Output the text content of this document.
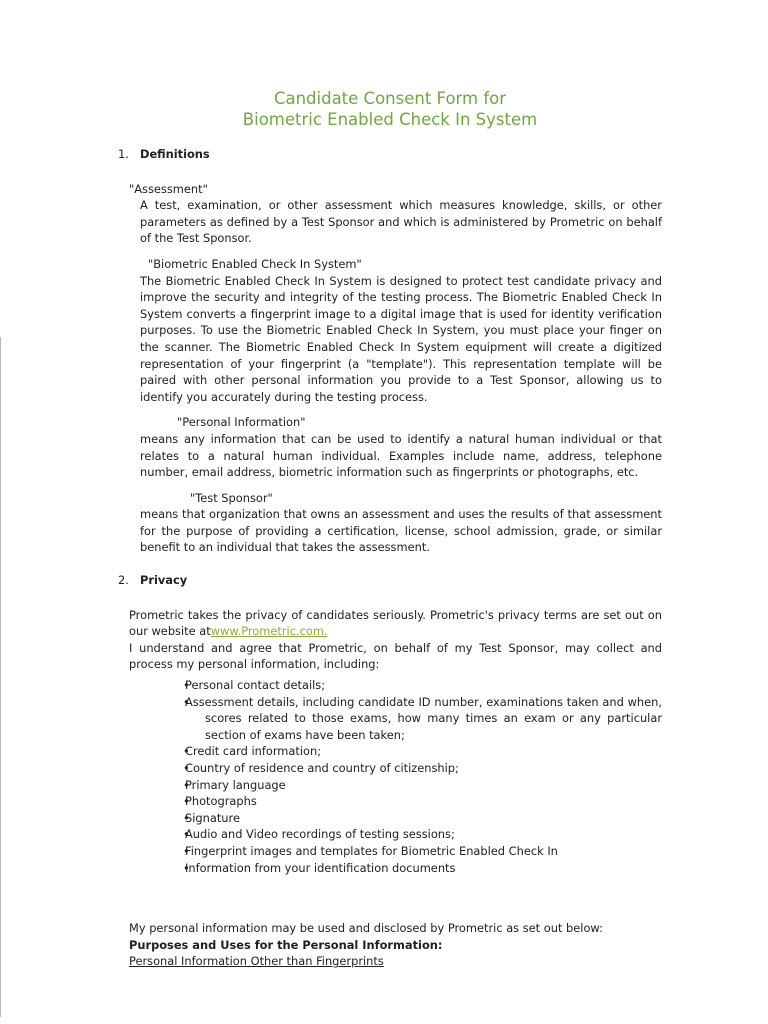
Candidate Consent Form for
Biometric Enabled Check In System
1. Definitions
"Assessment"

A test, examination, or other assessment which measures knowledge, skills, or other parameters as defined by a Test Sponsor and which is administered by Prometric on behalf of the Test Sponsor.

"Biometric Enabled Check In System"

The Biometric Enabled Check In System is designed to protect test candidate privacy and improve the security and integrity of the testing process. The Biometric Enabled Check In System converts a fingerprint image to a digital image that is used for identity verification purposes. To use the Biometric Enabled Check In System, you must place your finger on the scanner. The Biometric Enabled Check In System equipment will create a digitized representation of your fingerprint (a "template"). This representation template will be paired with other personal information you provide to a Test Sponsor, allowing us to identify you accurately during the testing process.

"Personal Information"

means any information that can be used to identify a natural human individual or that relates to a natural human individual. Examples include name, address, telephone number, email address, biometric information such as fingerprints or photographs, etc.

"Test Sponsor"

means that organization that owns an assessment and uses the results of that assessment for the purpose of providing a certification, license, school admission, grade, or similar benefit to an individual that takes the assessment.

2. Privacy

Prometric takes the privacy of candidates seriously. Prometric's privacy terms are set out on our website atwww.Prometric.com.

I understand and agree that Prometric, on behalf of my Test Sponsor, may collect and process my personal information, including:

• Personal contact details;
• Assessment details, including candidate ID number, examinations taken and when, scores related to those exams, how many times an exam or any particular section of exams have been taken;
• Credit card information;
• Country of residence and country of citizenship;
• Primary language
• Photographs
• Signature
• Audio and Video recordings of testing sessions;
• Fingerprint images and templates for Biometric Enabled Check In
• Information from your identification documents
My personal information may be used and disclosed by Prometric as set out below:
Purposes and Uses for the Personal Information:
Personal Information Other than Fingerprints
